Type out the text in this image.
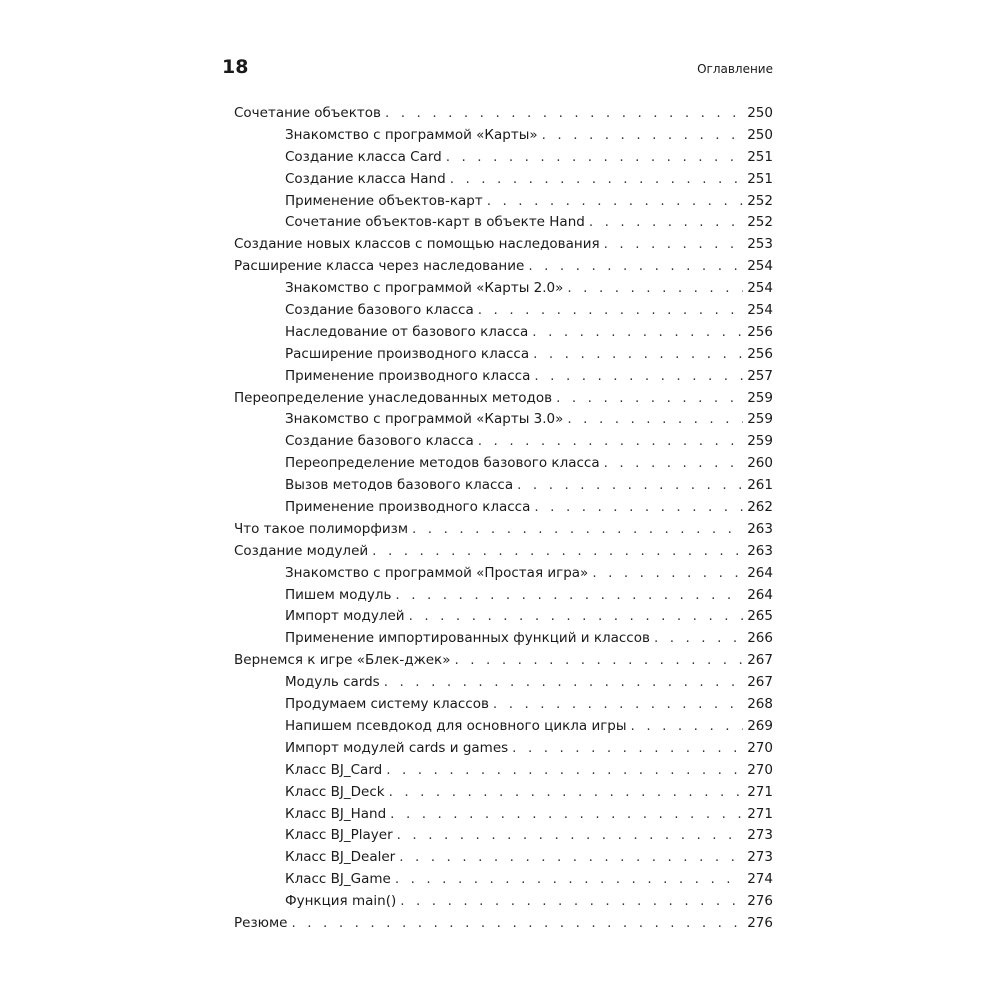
18	Оглавление
Сочетание объектов . . .	250
Знакомство с программой «Карты» . . .	250
Создание класса Card . . .	251
Создание класса Hand . . .	251
Применение объектов-карт . . .	252
Сочетание объектов-карт в объекте Hand . . .	252
Создание новых классов с помощью наследования . . .	253
Расширение класса через наследование . . .	254
Знакомство с программой «Карты 2.0» . . .	254
Создание базового класса . . .	254
Наследование от базового класса . . .	256
Расширение производного класса . . .	256
Применение производного класса . . .	257
Переопределение унаследованных методов . . .	259
Знакомство с программой «Карты 3.0» . . .	259
Создание базового класса . . .	259
Переопределение методов базового класса . . .	260
Вызов методов базового класса . . .	261
Применение производного класса . . .	262
Что такое полиморфизм . . .	263
Создание модулей . . .	263
Знакомство с программой «Простая игра» . . .	264
Пишем модуль . . .	264
Импорт модулей . . .	265
Применение импортированных функций и классов . . .	266
Вернемся к игре «Блек-джек» . . .	267
Модуль cards . . .	267
Продумаем систему классов . . .	268
Напишем псевдокод для основного цикла игры . . .	269
Импорт модулей cards и games . . .	270
Класс BJ_Card . . .	270
Класс BJ_Deck . . .	271
Класс BJ_Hand . . .	271
Класс BJ_Player . . .	273
Класс BJ_Dealer . . .	273
Класс BJ_Game . . .	274
Функция main() . . .	276
Резюме . . .	276
